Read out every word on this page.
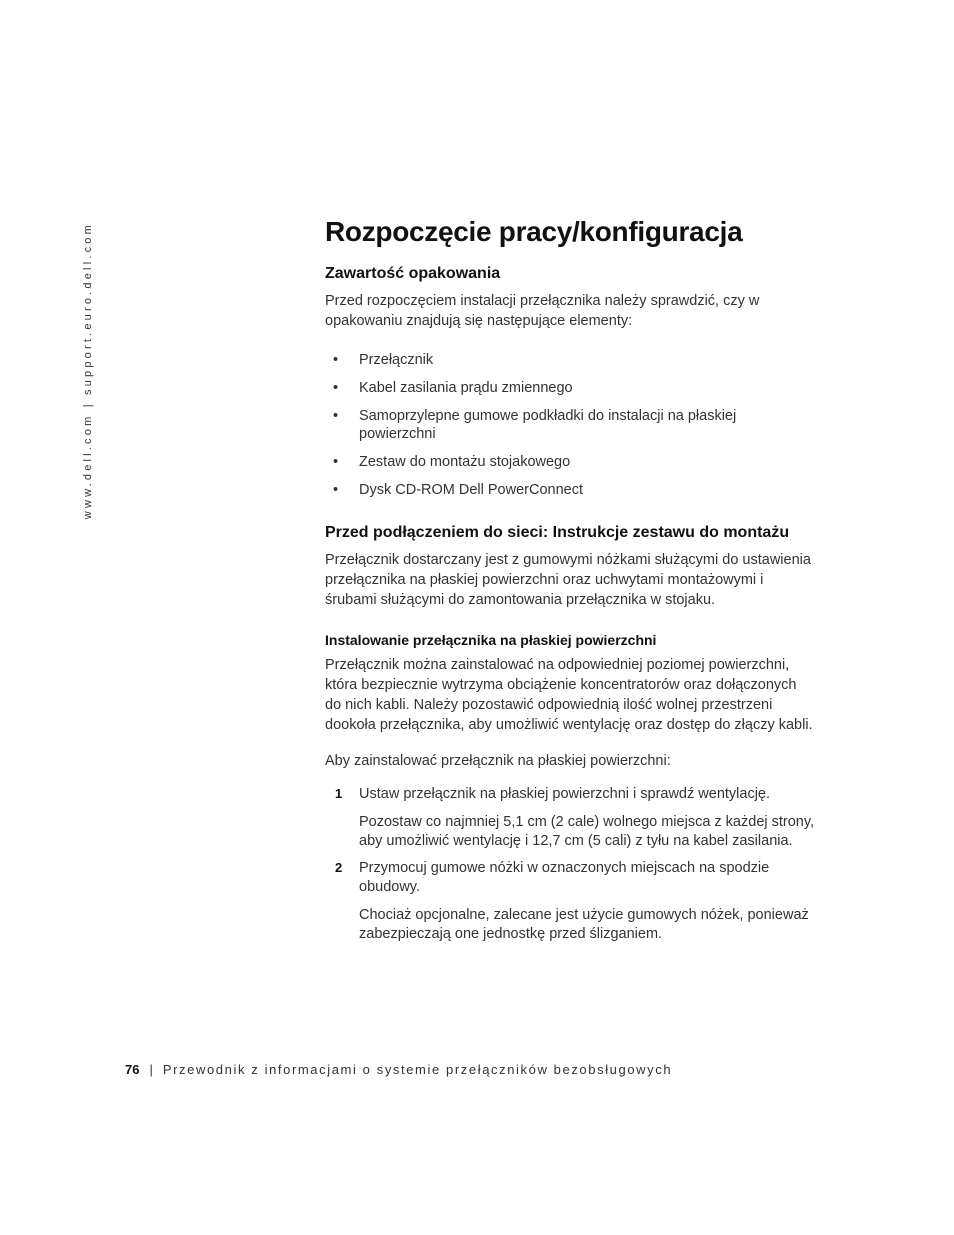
www.dell.com | support.euro.dell.com	Rozpoczęcie pracy/konfiguracja
Zawartość opakowania

Przed rozpoczęciem instalacji przełącznika należy sprawdzić, czy w opakowaniu znajdują się następujące elementy:

• Przełącznik
• Kabel zasilania prądu zmiennego
• Samoprzylepne gumowe podkładki do instalacji na płaskiej powierzchni
• Zestaw do montażu stojakowego
• Dysk CD-ROM Dell PowerConnect
Przed podłączeniem do sieci: Instrukcje zestawu do montażu

Przełącznik dostarczany jest z gumowymi nóżkami służącymi do ustawienia przełącznika na płaskiej powierzchni oraz uchwytami montażowymi i śrubami służącymi do zamontowania przełącznika w stojaku.

Instalowanie przełącznika na płaskiej powierzchni

Przełącznik można zainstalować na odpowiedniej poziomej powierzchni, która bezpiecznie wytrzyma obciążenie koncentratorów oraz dołączonych do nich kabli. Należy pozostawić odpowiednią ilość wolnej przestrzeni dookoła przełącznika, aby umożliwić wentylację oraz dostęp do złączy kabli.

Aby zainstalować przełącznik na płaskiej powierzchni:

1 Ustaw przełącznik na płaskiej powierzchni i sprawdź wentylację.

Pozostaw co najmniej 5,1 cm (2 cale) wolnego miejsca z każdej strony, aby umożliwić wentylację i 12,7 cm (5 cali) z tyłu na kabel zasilania.

2 Przymocuj gumowe nóżki w oznaczonych miejscach na spodzie obudowy.

Chociaż opcjonalne, zalecane jest użycie gumowych nóżek, ponieważ zabezpieczają one jednostkę przed ślizganiem.

76 | Przewodnik z informacjami o systemie przełączników bezobsługowych
